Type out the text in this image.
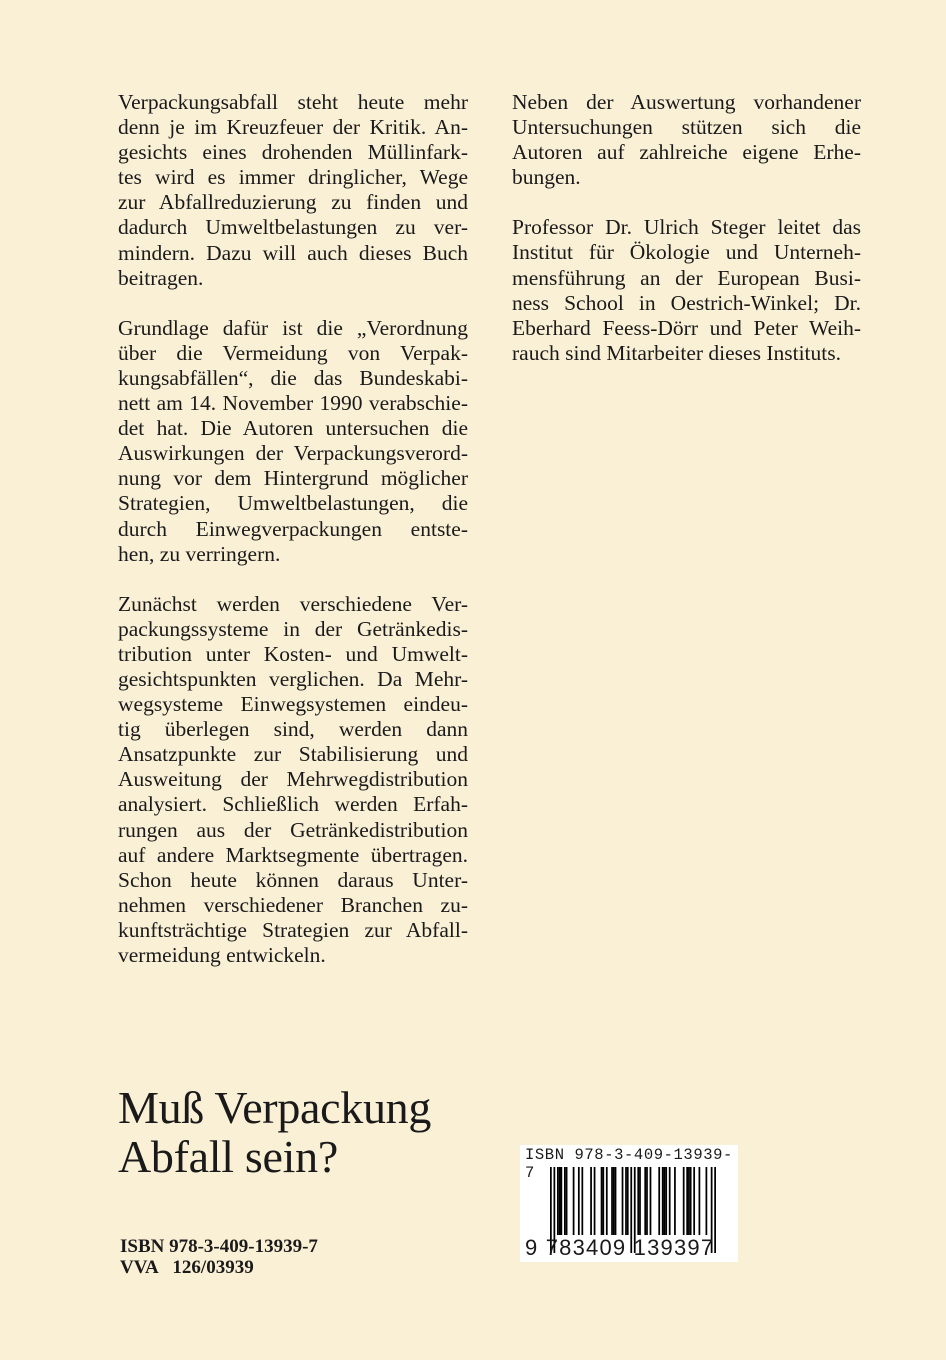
Verpackungsabfall steht heute mehr
denn je im Kreuzfeuer der Kritik. An-
gesichts eines drohenden Müllinfark-
tes wird es immer dringlicher, Wege
zur Abfallreduzierung zu finden und
dadurch Umweltbelastungen zu ver-
mindern. Dazu will auch dieses Buch
beitragen.
Grundlage dafür ist die „Verordnung
über die Vermeidung von Verpak-
kungsabfällen“, die das Bundeskabi-
nett am 14. November 1990 verabschie-
det hat. Die Autoren untersuchen die
Auswirkungen der Verpackungsverord-
nung vor dem Hintergrund möglicher
Strategien, Umweltbelastungen, die
durch Einwegverpackungen entste-
hen, zu verringern.
Zunächst werden verschiedene Ver-
packungssysteme in der Getränkedis-
tribution unter Kosten- und Umwelt-
gesichtspunkten verglichen. Da Mehr-
wegsysteme Einwegsystemen eindeu-
tig überlegen sind, werden dann
Ansatzpunkte zur Stabilisierung und
Ausweitung der Mehrwegdistribution
analysiert. Schließlich werden Erfah-
rungen aus der Getränkedistribution
auf andere Marktsegmente übertragen.
Schon heute können daraus Unter-
nehmen verschiedener Branchen zu-
kunftsträchtige Strategien zur Abfall-
vermeidung entwickeln.
Neben der Auswertung vorhandener
Untersuchungen stützen sich die
Autoren auf zahlreiche eigene Erhe-
bungen.
Professor Dr. Ulrich Steger leitet das
Institut für Ökologie und Unterneh-
mensführung an der European Busi-
ness School in Oestrich-Winkel; Dr.
Eberhard Feess-Dörr und Peter Weih-
rauch sind Mitarbeiter dieses Instituts.
Muß Verpackung
Abfall sein?
ISBN 978-3-409-13939-7
VVA 126/03939
ISBN 978-3-409-13939-7
9 783409 139397
